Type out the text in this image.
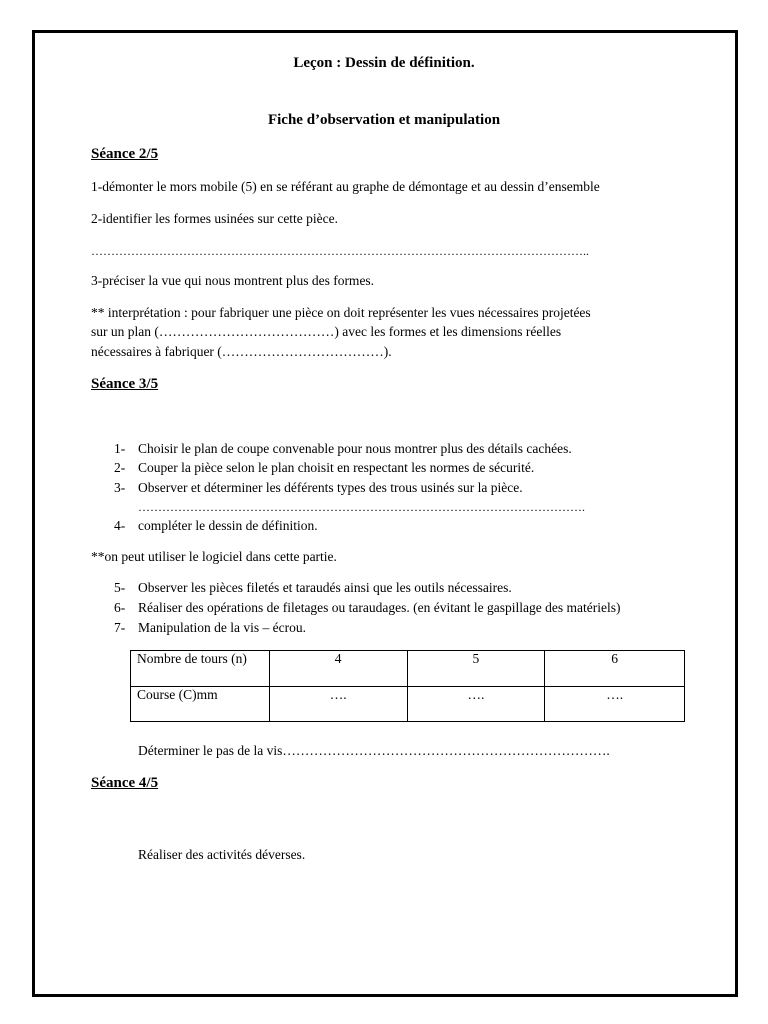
Leçon : Dessin de définition.
Fiche d’observation et manipulation
Séance 2/5
1-démonter le mors mobile (5) en se référant au graphe de démontage et au dessin d’ensemble
2-identifier les formes usinées sur cette pièce.
……………………………………………………………………………………………………………..
3-préciser la vue qui nous montrent plus des formes.
** interprétation : pour fabriquer une pièce on doit représenter les vues nécessaires projetées
sur un plan (…………………………………) avec les formes et les dimensions réelles
nécessaires à fabriquer (………………………………).
Séance 3/5
1- Choisir le plan de coupe convenable pour nous montrer plus des détails cachées.
2- Couper la pièce selon le plan choisit en respectant les normes de sécurité.
3- Observer et déterminer les déférents types des trous usinés sur la pièce.
………………………………………………………………………………………………….
4- compléter le dessin de définition.
**on peut utiliser le logiciel dans cette partie.
5- Observer les pièces filetés et taraudés ainsi que les outils nécessaires.
6- Réaliser des opérations de filetages ou taraudages. (en évitant le gaspillage des matériels)
7- Manipulation de la vis – écrou.
Nombre de tours (n)	4	5	6
Course (C)mm	….	….	….
Déterminer le pas de la vis……………………………………………………………….
Séance 4/5
Réaliser des activités déverses.
